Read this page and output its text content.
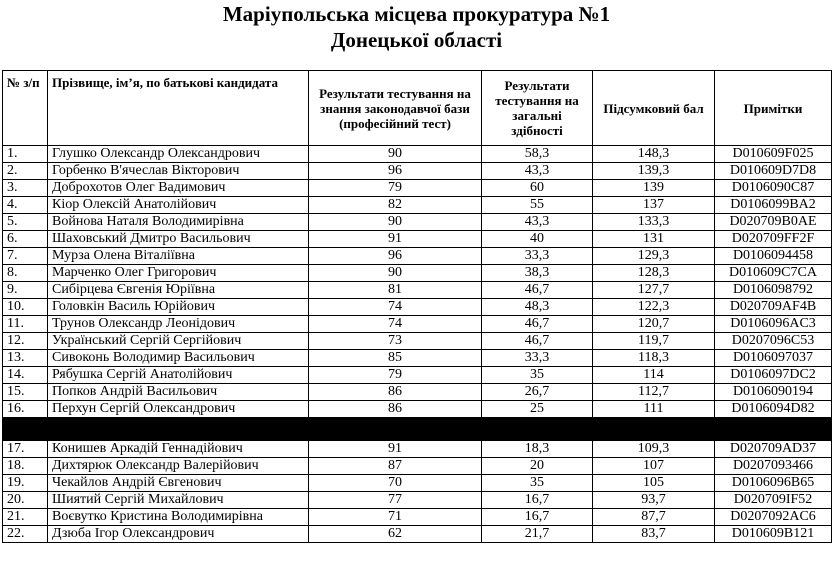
Маріупольська місцева прокуратура №1
Донецької області
№ з/п	Прізвище, ім’я, по батькові кандидата	Результати тестування на знання законодавчої бази (професійний тест)	Результати тестування на загальні здібності	Підсумковий бал	Примітки
1.	Глушко Олександр Олександрович	90	58,3	148,3	D010609F025
2.	Горбенко В'ячеслав Вікторович	96	43,3	139,3	D010609D7D8
3.	Доброхотов Олег Вадимович	79	60	139	D0106090C87
4.	Кіор Олексій Анатолійович	82	55	137	D0106099BA2
5.	Войнова Наталя Володимирівна	90	43,3	133,3	D020709B0AE
6.	Шаховський Дмитро Васильович	91	40	131	D020709FF2F
7.	Мурза Олена Віталіївна	96	33,3	129,3	D0106094458
8.	Марченко Олег Григорович	90	38,3	128,3	D010609C7CA
9.	Сибірцева Євгенія Юріївна	81	46,7	127,7	D0106098792
10.	Головкін Василь Юрійович	74	48,3	122,3	D020709AF4B
11.	Трунов Олександр Леонідович	74	46,7	120,7	D0106096AC3
12.	Український Сергій Сергійович	73	46,7	119,7	D0207096C53
13.	Сивоконь Володимир Васильович	85	33,3	118,3	D0106097037
14.	Рябушка Сергій Анатолійович	79	35	114	D0106097DC2
15.	Попков Андрій Васильович	86	26,7	112,7	D0106090194
16.	Перхун Сергій Олександрович	86	25	111	D0106094D82

17.	Конишев Аркадій Геннадійович	91	18,3	109,3	D020709AD37
18.	Дихтярюк Олександр Валерійович	87	20	107	D0207093466
19.	Чекайлов Андрій Євгенович	70	35	105	D0106096B65
20.	Шиятий Сергій Михайлович	77	16,7	93,7	D020709IF52
21.	Воєвутко Кристина Володимирівна	71	16,7	87,7	D0207092AC6
22.	Дзюба Ігор Олександрович	62	21,7	83,7	D010609B121
